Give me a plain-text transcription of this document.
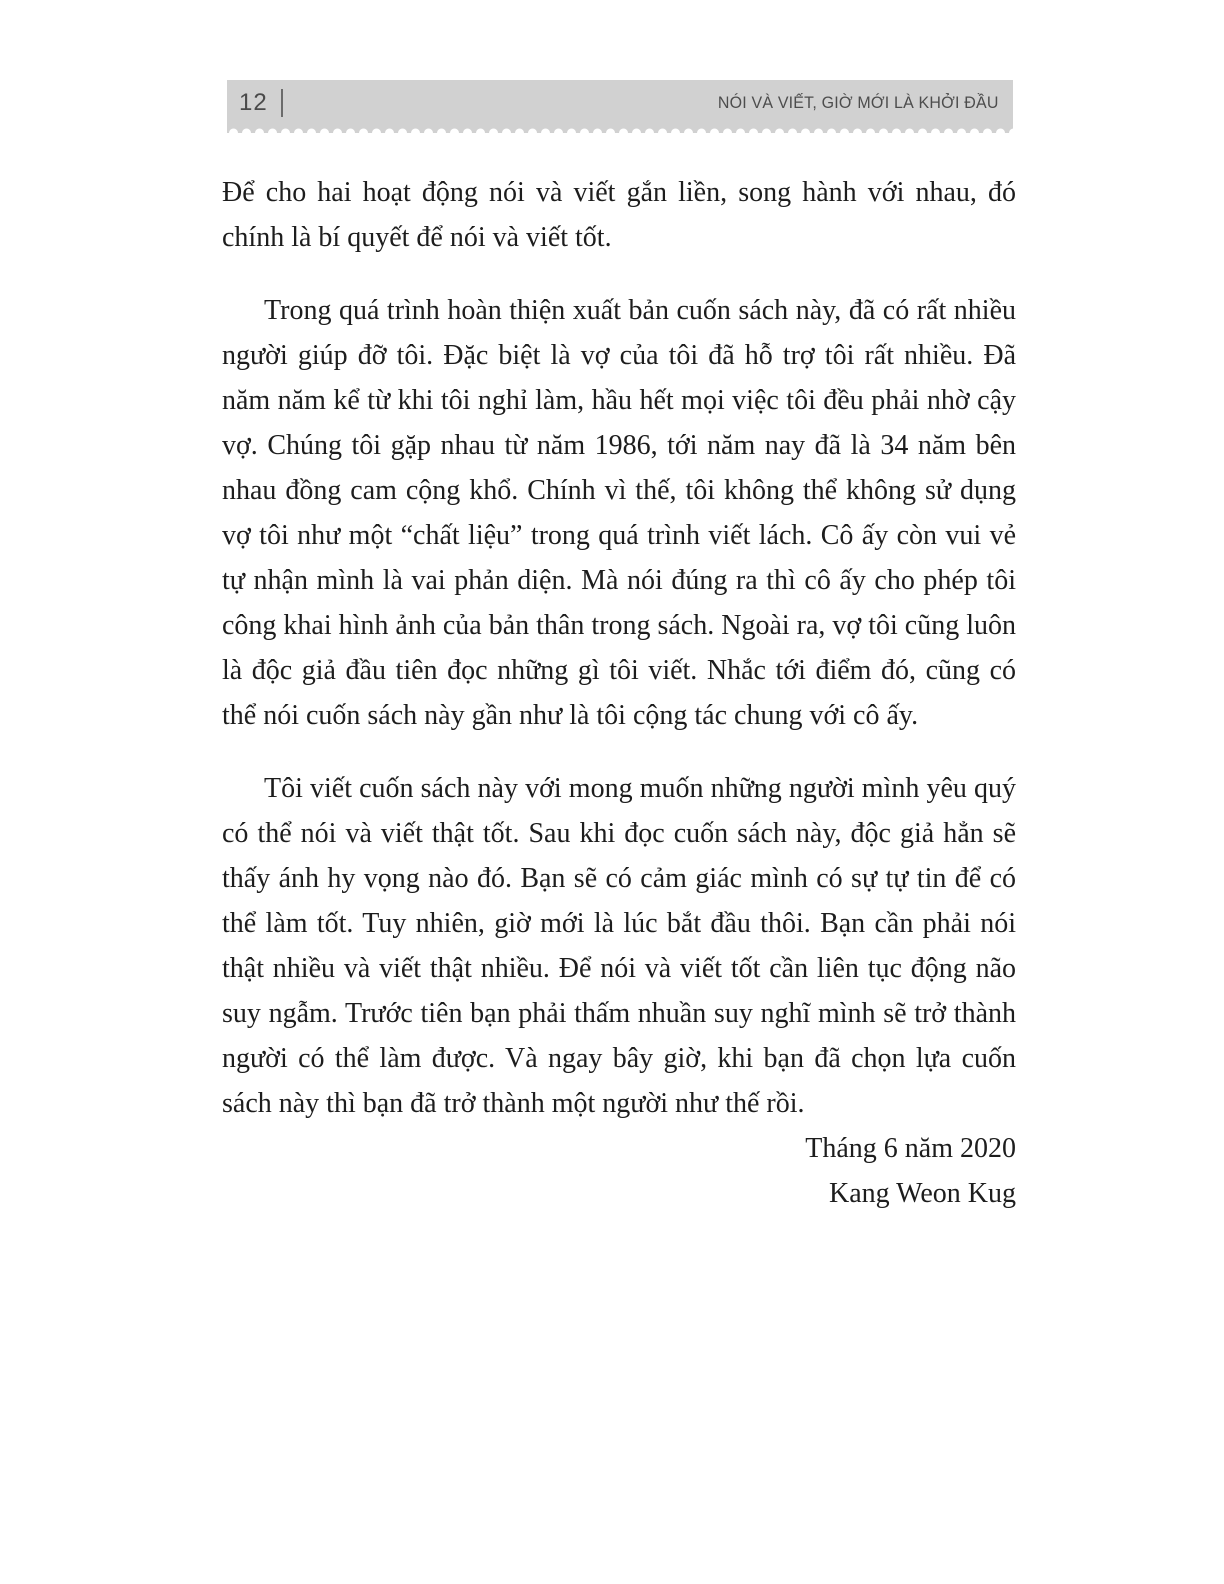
12	NÓI VÀ VIẾT, GIỜ MỚI LÀ KHỞI ĐẦU

Để cho hai hoạt động nói và viết gắn liền, song hành với nhau, đó chính là bí quyết để nói và viết tốt.

Trong quá trình hoàn thiện xuất bản cuốn sách này, đã có rất nhiều người giúp đỡ tôi. Đặc biệt là vợ của tôi đã hỗ trợ tôi rất nhiều. Đã năm năm kể từ khi tôi nghỉ làm, hầu hết mọi việc tôi đều phải nhờ cậy vợ. Chúng tôi gặp nhau từ năm 1986, tới năm nay đã là 34 năm bên nhau đồng cam cộng khổ. Chính vì thế, tôi không thể không sử dụng vợ tôi như một “chất liệu” trong quá trình viết lách. Cô ấy còn vui vẻ tự nhận mình là vai phản diện. Mà nói đúng ra thì cô ấy cho phép tôi công khai hình ảnh của bản thân trong sách. Ngoài ra, vợ tôi cũng luôn là độc giả đầu tiên đọc những gì tôi viết. Nhắc tới điểm đó, cũng có thể nói cuốn sách này gần như là tôi cộng tác chung với cô ấy.

Tôi viết cuốn sách này với mong muốn những người mình yêu quý có thể nói và viết thật tốt. Sau khi đọc cuốn sách này, độc giả hẳn sẽ thấy ánh hy vọng nào đó. Bạn sẽ có cảm giác mình có sự tự tin để có thể làm tốt. Tuy nhiên, giờ mới là lúc bắt đầu thôi. Bạn cần phải nói thật nhiều và viết thật nhiều. Để nói và viết tốt cần liên tục động não suy ngẫm. Trước tiên bạn phải thấm nhuần suy nghĩ mình sẽ trở thành người có thể làm được. Và ngay bây giờ, khi bạn đã chọn lựa cuốn sách này thì bạn đã trở thành một người như thế rồi.

Tháng 6 năm 2020

Kang Weon Kug
